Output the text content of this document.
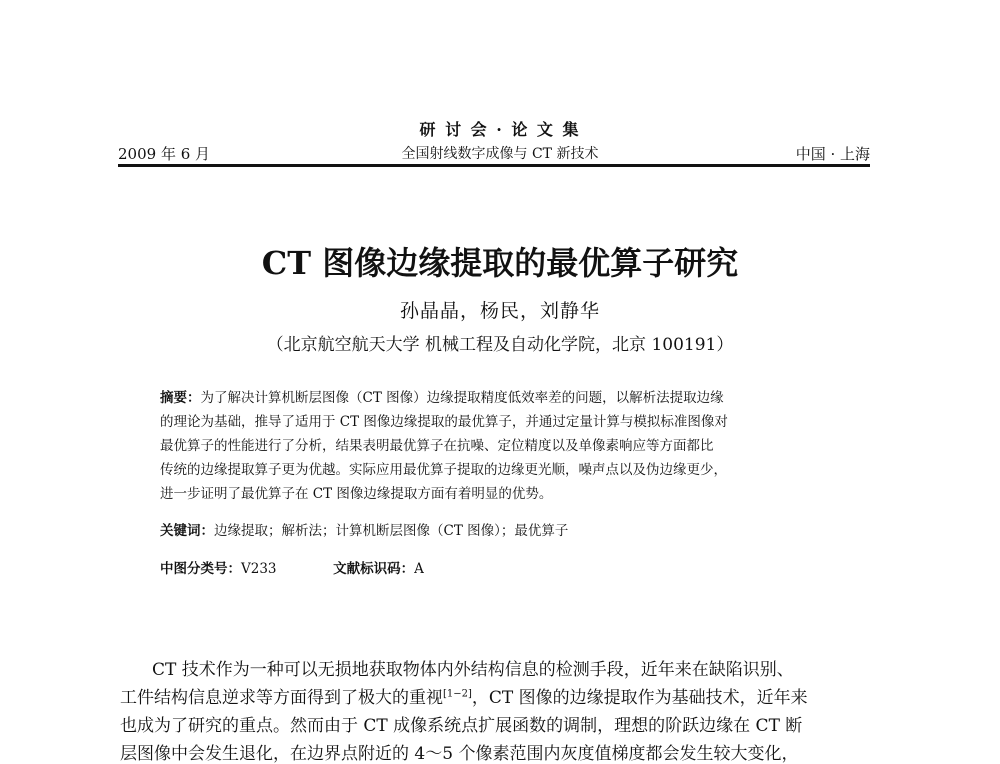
研 讨 会 · 论 文 集
2009 年 6 月	全国射线数字成像与 CT 新技术	中国 · 上海
CT 图像边缘提取的最优算子研究
孙晶晶，杨民，刘静华
（北京航空航天大学 机械工程及自动化学院，北京 100191）
摘要：为了解决计算机断层图像（CT 图像）边缘提取精度低效率差的问题，以解析法提取边缘
的理论为基础，推导了适用于 CT 图像边缘提取的最优算子，并通过定量计算与模拟标准图像对
最优算子的性能进行了分析，结果表明最优算子在抗噪、定位精度以及单像素响应等方面都比
传统的边缘提取算子更为优越。实际应用最优算子提取的边缘更光顺，噪声点以及伪边缘更少，
进一步证明了最优算子在 CT 图像边缘提取方面有着明显的优势。
关键词：边缘提取；解析法；计算机断层图像（CT 图像）；最优算子
中图分类号：V233	文献标识码：A
CT 技术作为一种可以无损地获取物体内外结构信息的检测手段，近年来在缺陷识别、
工件结构信息逆求等方面得到了极大的重视[1−2]，CT 图像的边缘提取作为基础技术，近年来
也成为了研究的重点。然而由于 CT 成像系统点扩展函数的调制，理想的阶跃边缘在 CT 断
层图像中会发生退化，在边界点附近的 4～5 个像素范围内灰度值梯度都会发生较大变化，
